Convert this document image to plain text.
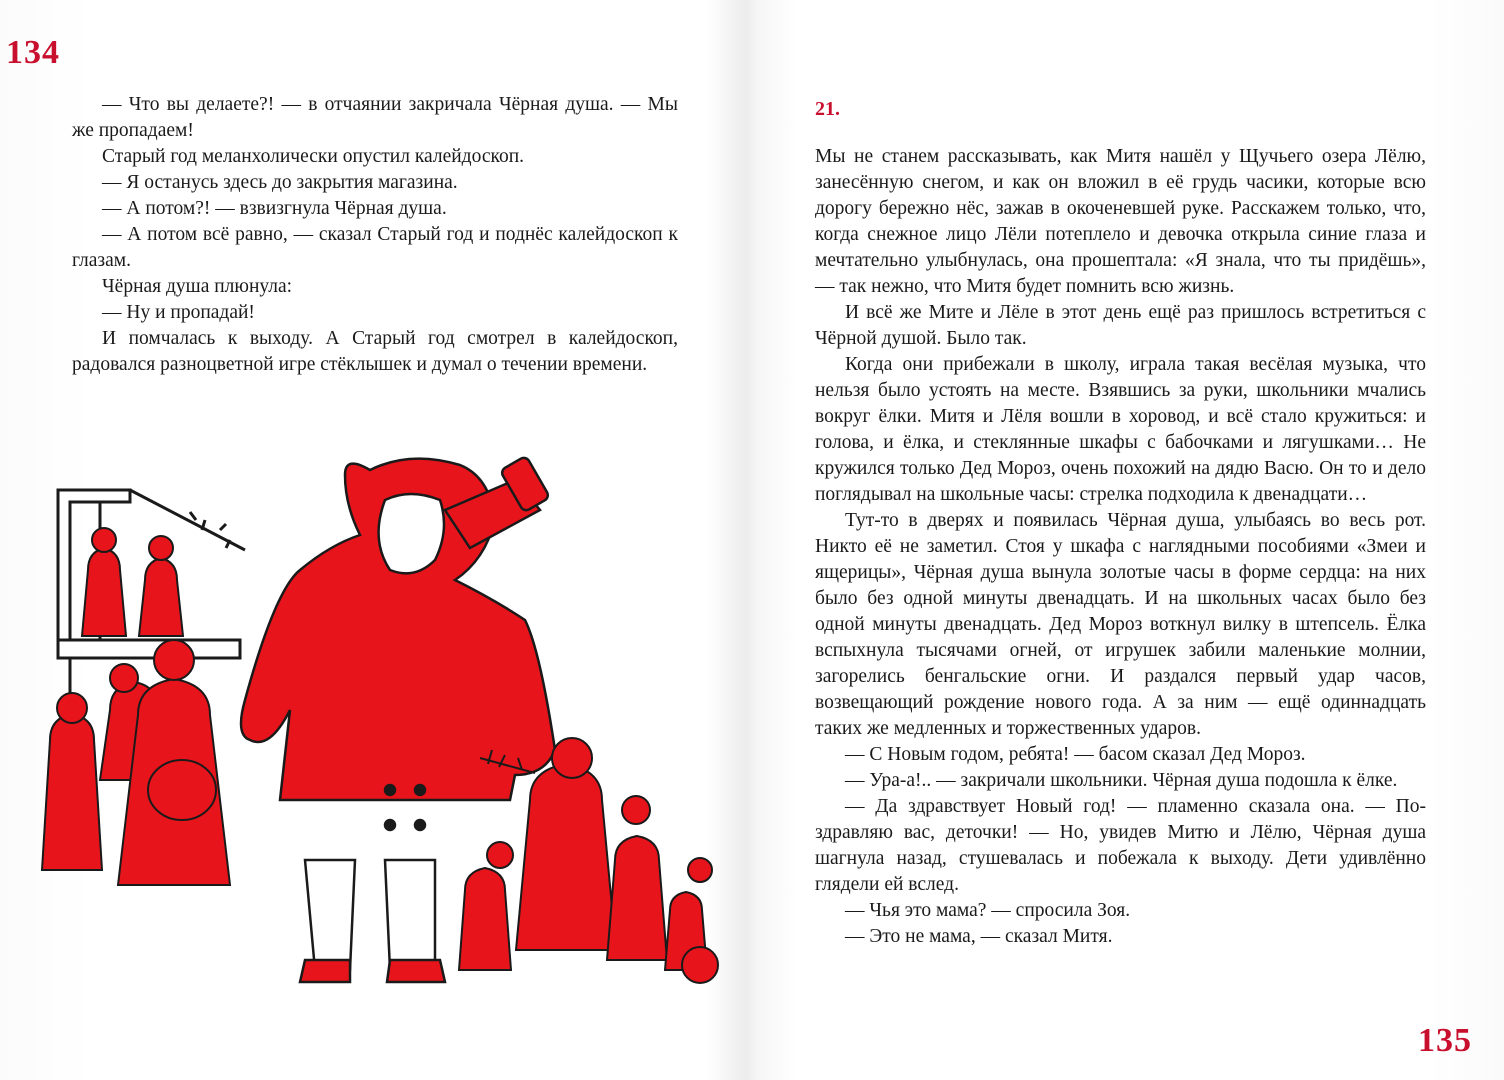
134

— Что вы делаете?! — в отчаянии закричала Чёрная душа. — Мы же пропадаем!

Старый год меланхолически опустил калейдоскоп.

— Я останусь здесь до закрытия магазина.

— А потом?! — взвизгнула Чёрная душа.

— А потом всё равно, — сказал Старый год и поднёс калейдоскоп к глазам.

Чёрная душа плюнула:

— Ну и пропадай!

И помчалась к выходу. А Старый год смотрел в калейдоскоп, радовался разноцветной игре стёклышек и думал о течении времени.

21.

Мы не станем рассказывать, как Митя нашёл у Щучьего озера Лёлю, занесённую снегом, и как он вложил в её грудь часики, которые всю дорогу бережно нёс, зажав в окоченевшей руке. Расскажем только, что, когда снежное лицо Лёли потеплело и девочка открыла синие глаза и мечтательно улыбнулась, она прошептала: «Я знала, что ты придёшь», — так нежно, что Митя будет помнить всю жизнь.

И всё же Мите и Лёле в этот день ещё раз пришлось встретиться с Чёрной душой. Было так.

Когда они прибежали в школу, играла такая весёлая музыка, что нельзя было устоять на месте. Взявшись за руки, школьники мчались вокруг ёлки. Митя и Лёля вошли в хоровод, и всё стало кружиться: и голова, и ёлка, и стеклянные шкафы с бабочками и лягушками… Не кружился только Дед Мороз, очень похожий на дядю Васю. Он то и дело поглядывал на школьные часы: стрелка подходила к двенадцати…

Тут-то в дверях и появилась Чёрная душа, улыбаясь во весь рот. Никто её не заметил. Стоя у шкафа с наглядными пособиями «Змеи и ящерицы», Чёрная душа вынула золотые часы в форме сердца: на них было без одной минуты двенадцать. И на школьных часах было без одной минуты двенадцать. Дед Мороз воткнул вилку в штепсель. Ёлка вспыхнула тысячами огней, от игрушек забили маленькие молнии, загорелись бенгальские огни. И раздался первый удар часов, возвещающий рождение нового года. А за ним — ещё одиннадцать таких же медленных и торжественных ударов.

— С Новым годом, ребята! — басом сказал Дед Мороз.

— Ура-а!.. — закричали школьники. Чёрная душа подошла к ёлке.

— Да здравствует Новый год! — пламенно сказала она. — Поздравляю вас, деточки! — Но, увидев Митю и Лёлю, Чёрная душа шагнула назад, стушевалась и побежала к выходу. Дети удивлённо глядели ей вслед.

— Чья это мама? — спросила Зоя.

— Это не мама, — сказал Митя.

135
